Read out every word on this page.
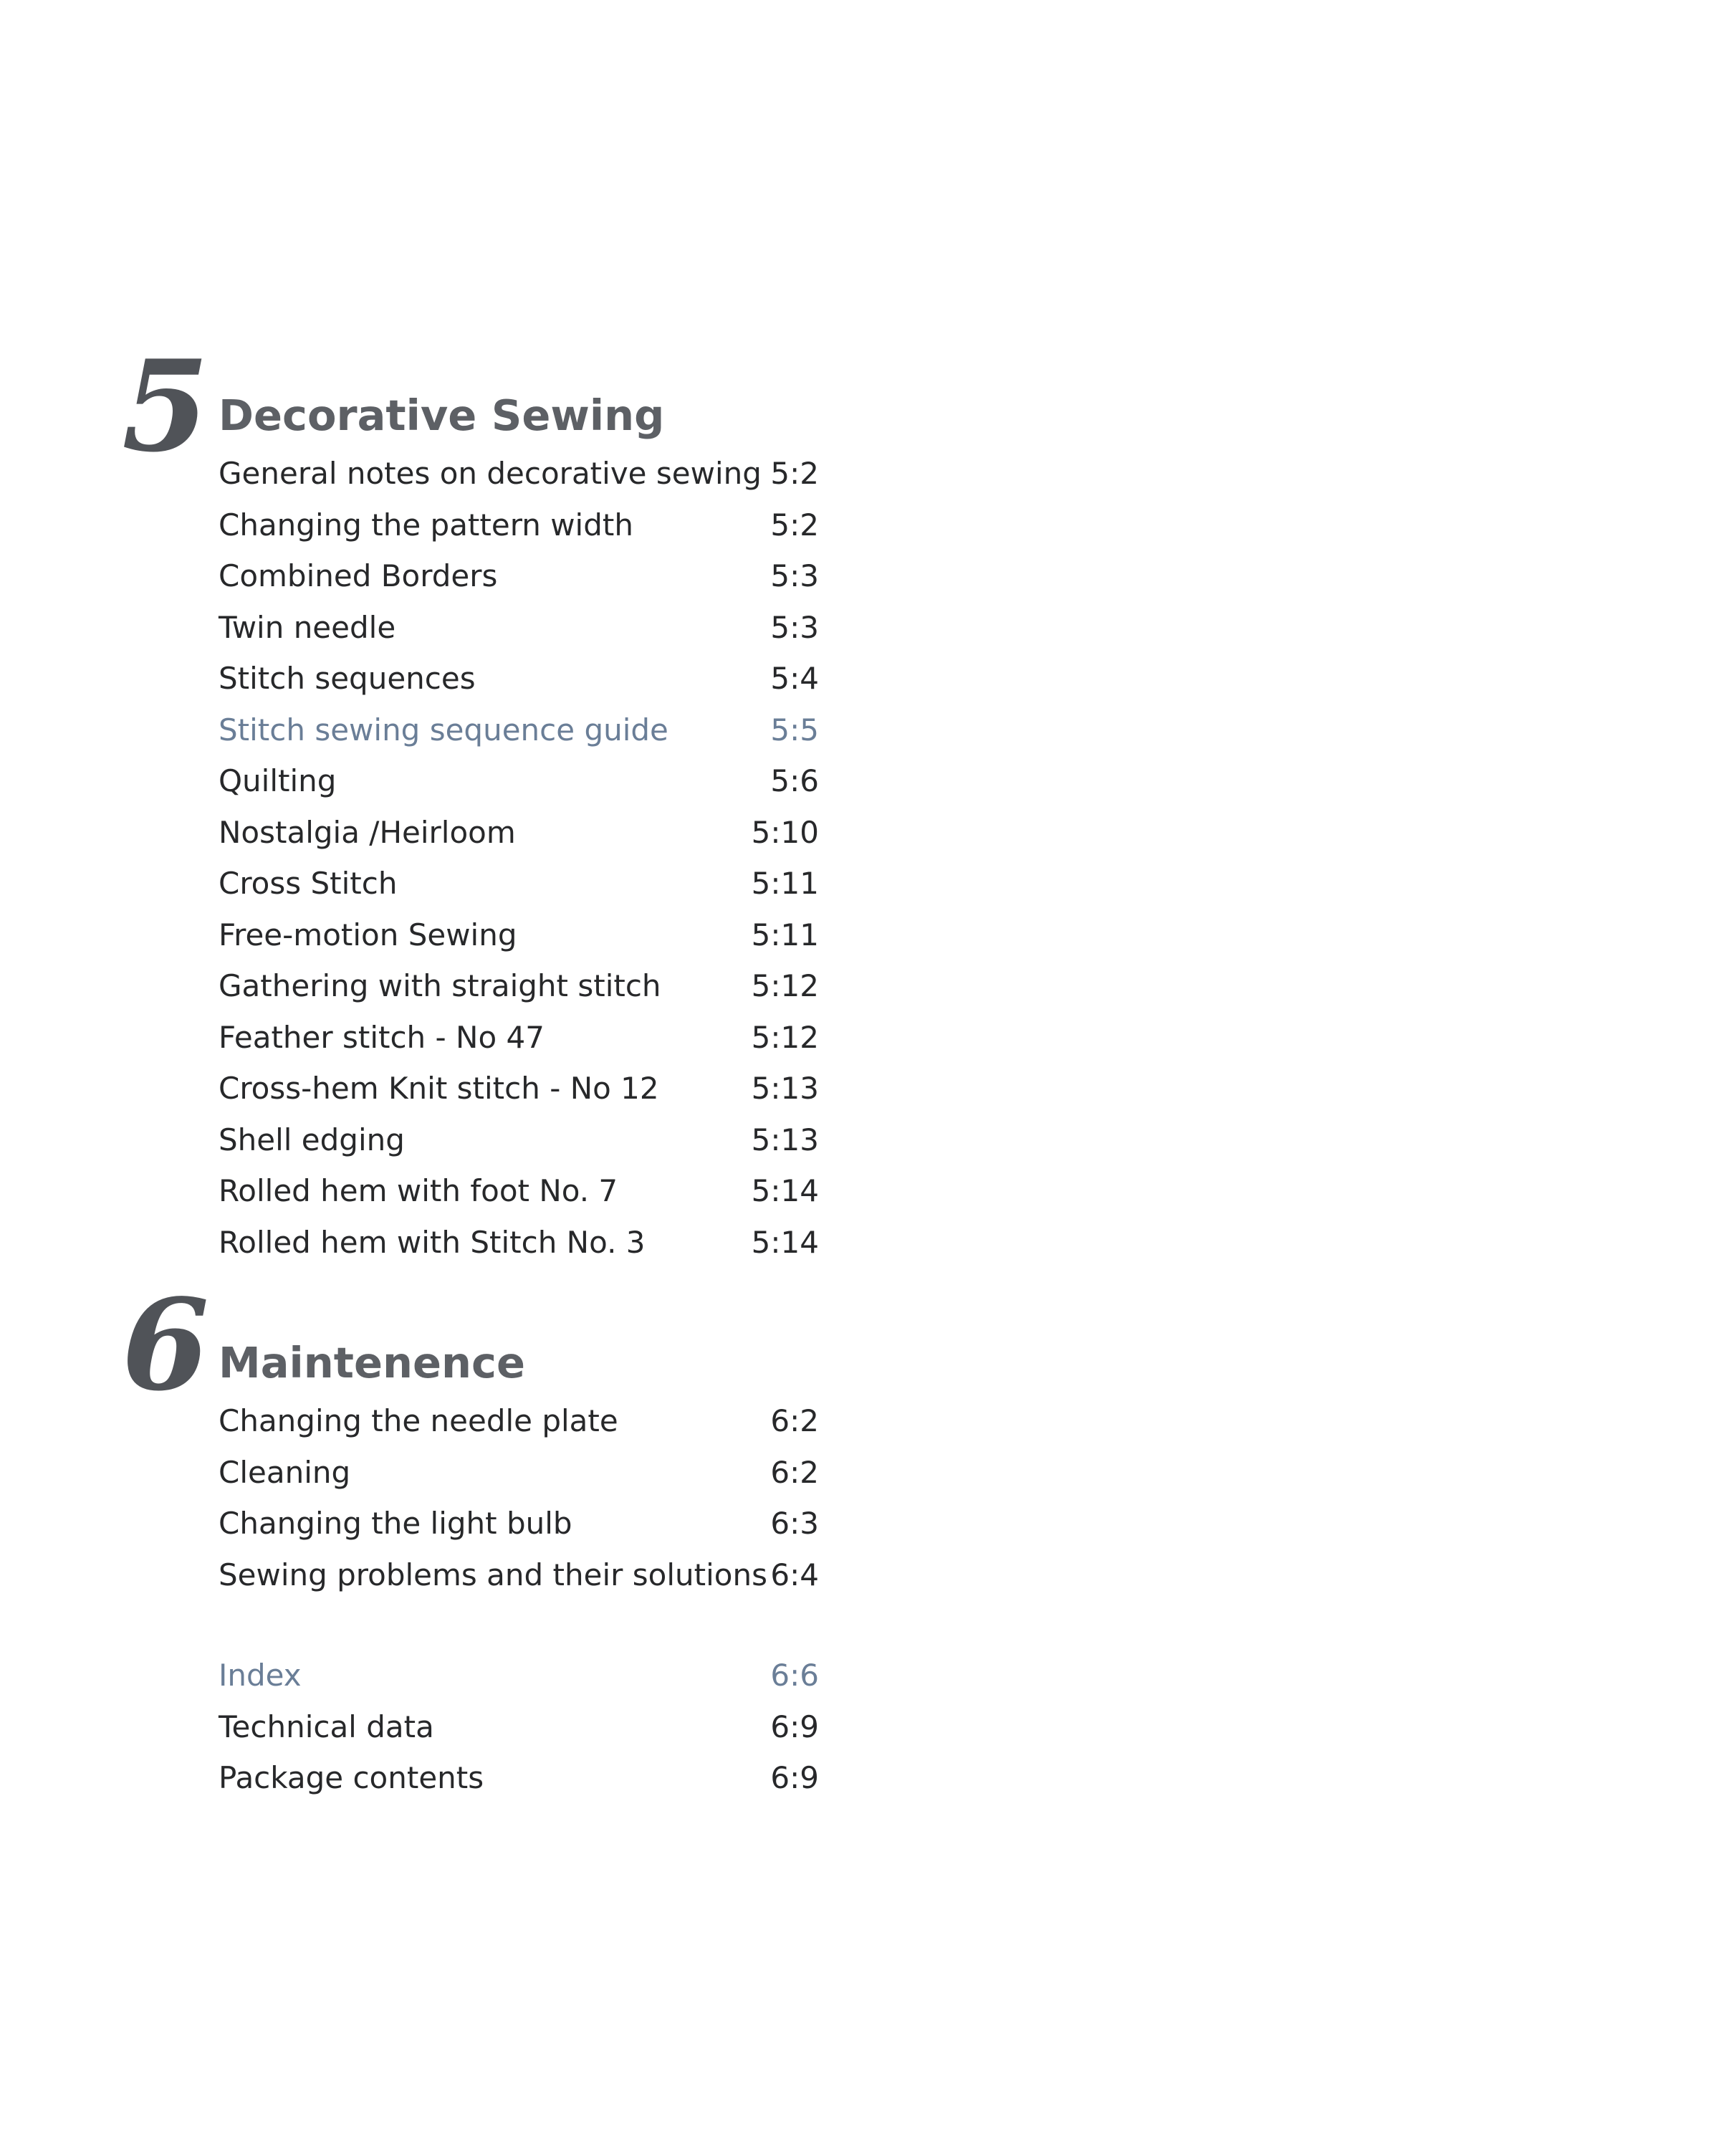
5 Decorative Sewing
General notes on decorative sewing 5:2
Changing the pattern width	5:2
Combined Borders	5:3
Twin needle	5:3
Stitch sequences	5:4
Stitch sewing sequence guide	5:5
Quilting	5:6
Nostalgia /Heirloom	5:10
Cross Stitch	5:11
Free-motion Sewing	5:11
Gathering with straight stitch	5:12
Feather stitch - No 47	5:12
Cross-hem Knit stitch - No 12	5:13
Shell edging	5:13
Rolled hem with foot No. 7	5:14
Rolled hem with Stitch No. 3	5:14
6 Maintenence
Changing the needle plate	6:2
Cleaning	6:2
Changing the light bulb	6:3
Sewing problems and their solutions 6:4
Index	6:6
Technical data	6:9
Package contents	6:9
